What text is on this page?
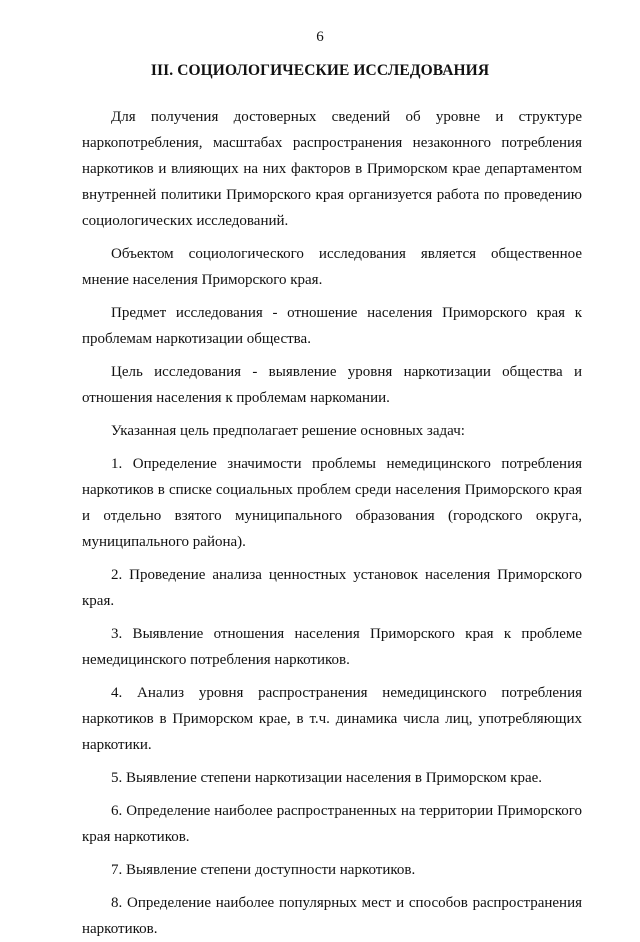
6
III. СОЦИОЛОГИЧЕСКИЕ ИССЛЕДОВАНИЯ

Для получения достоверных сведений об уровне и структуре наркопотребления, масштабах распространения незаконного потребления наркотиков и влияющих на них факторов в Приморском крае департаментом внутренней политики Приморского края организуется работа по проведению социологических исследований.

Объектом социологического исследования является общественное мнение населения Приморского края.

Предмет исследования - отношение населения Приморского края к проблемам наркотизации общества.

Цель исследования - выявление уровня наркотизации общества и отношения населения к проблемам наркомании.

Указанная цель предполагает решение основных задач:

1. Определение значимости проблемы немедицинского потребления наркотиков в списке социальных проблем среди населения Приморского края и отдельно взятого муниципального образования (городского округа, муниципального района).

2. Проведение анализа ценностных установок населения Приморского края.

3. Выявление отношения населения Приморского края к проблеме немедицинского потребления наркотиков.

4. Анализ уровня распространения немедицинского потребления наркотиков в Приморском крае, в т.ч. динамика числа лиц, употребляющих наркотики.

5. Выявление степени наркотизации населения в Приморском крае.

6. Определение наиболее распространенных на территории Приморского края наркотиков.

7. Выявление степени доступности наркотиков.

8. Определение наиболее популярных мест и способов распространения наркотиков.
